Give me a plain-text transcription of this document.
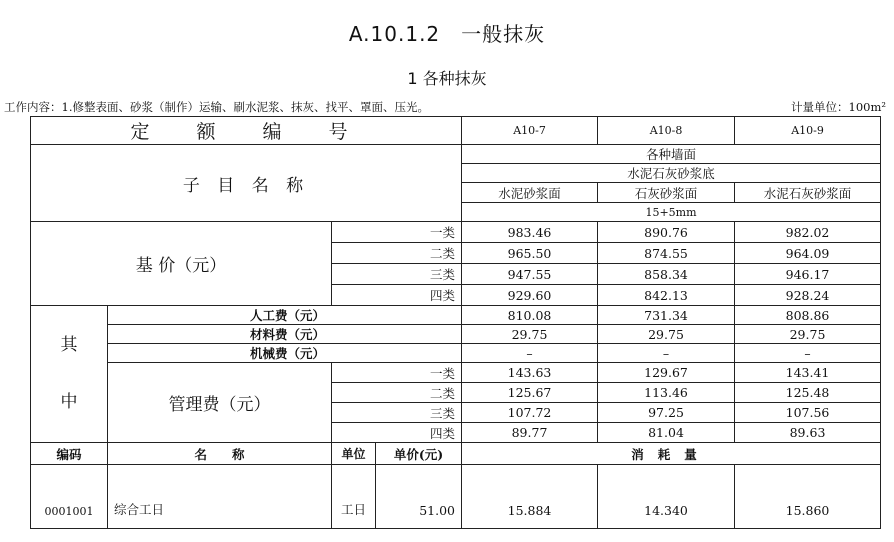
A.10.1.2　一般抹灰
1 各种抹灰
工作内容：1.修整表面、砂浆（制作）运输、刷水泥浆、抹灰、找平、罩面、压光。	计量单位：100m²
定　额　编　号				A10-7	A10-8	A10-9
子 目 名 称				各种墙面		
				水泥石灰砂浆底		
				水泥砂浆面	石灰砂浆面	水泥石灰砂浆面
				15+5mm		
基 价（元）		一类		983.46	890.76	982.02
		二类		965.50	874.55	964.09
		三类		947.55	858.34	946.17
		四类		929.60	842.13	928.24

其
中	人工费（元）			810.08	731.34	808.86
	材料费（元）			29.75	29.75	29.75
	机械费（元）			–	–	–
	管理费（元）	一类		143.63	129.67	143.41
		二类		125.67	113.46	125.48
		三类		107.72	97.25	107.56
		四类		89.77	81.04	89.63
编码	名　　称	单位	单价(元)	消耗量		
0001001	综合工日	工日	51.00	15.884	14.340	15.860
